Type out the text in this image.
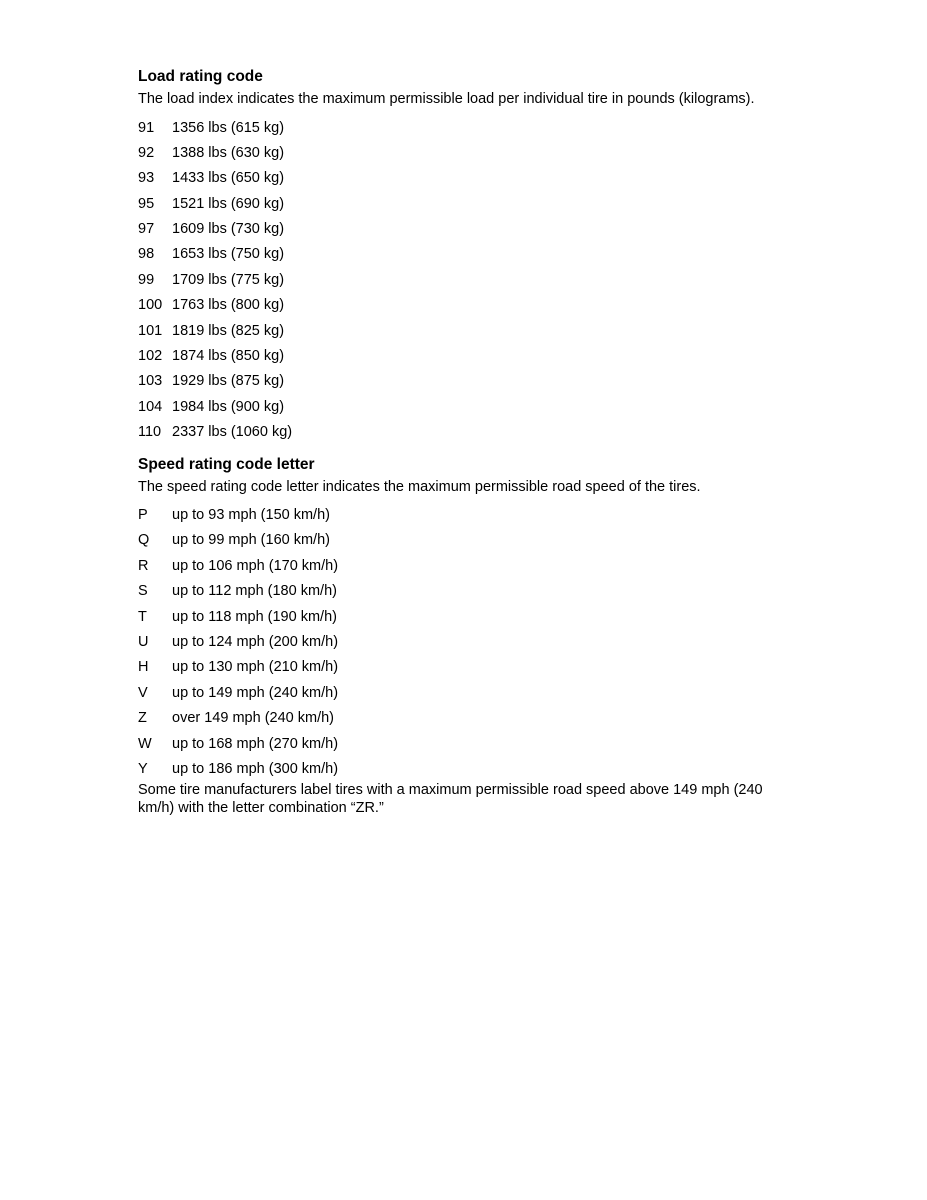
Load rating code

The load index indicates the maximum permissible load per individual tire in pounds (kilograms).

91	1356 lbs (615 kg)
92	1388 lbs (630 kg)
93	1433 lbs (650 kg)
95	1521 lbs (690 kg)
97	1609 lbs (730 kg)
98	1653 lbs (750 kg)
99	1709 lbs (775 kg)
100 1763 lbs (800 kg)
101 1819 lbs (825 kg)
102 1874 lbs (850 kg)
103 1929 lbs (875 kg)
104 1984 lbs (900 kg)
110 2337 lbs (1060 kg)
Speed rating code letter

The speed rating code letter indicates the maximum permissible road speed of the tires.

P	up to 93 mph (150 km/h)
Q	up to 99 mph (160 km/h)
R	up to 106 mph (170 km/h)
S	up to 112 mph (180 km/h)
T	up to 118 mph (190 km/h)
U	up to 124 mph (200 km/h)
H	up to 130 mph (210 km/h)
V	up to 149 mph (240 km/h)
Z	over 149 mph (240 km/h)
W	up to 168 mph (270 km/h)
Y	up to 186 mph (300 km/h)

Some tire manufacturers label tires with a maximum permissible road speed above 149 mph (240 km/h) with the letter combination “ZR.”
